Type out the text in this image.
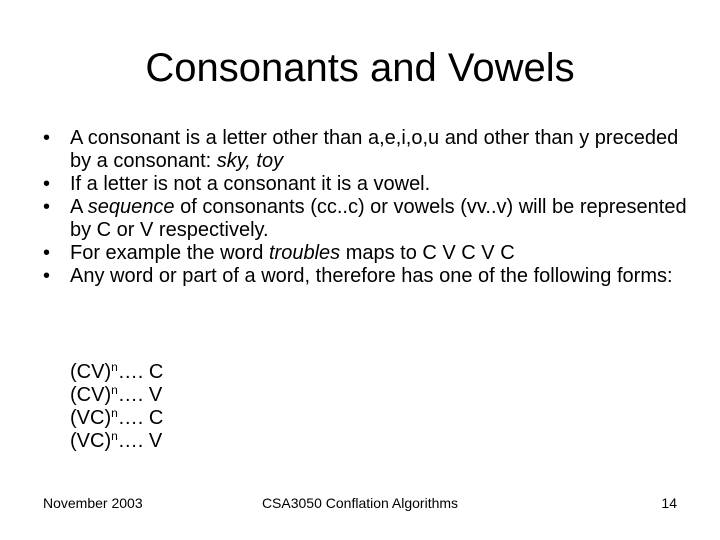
Consonants and Vowels
• A consonant is a letter other than a,e,i,o,u and other than y preceded by a consonant: sky, toy
• If a letter is not a consonant it is a vowel.
• A sequence of consonants (cc..c) or vowels (vv..v) will be represented by C or V respectively.
• For example the word troubles maps to C V C V C
• Any word or part of a word, therefore has one of the following forms:
(CV)$^n$…. C
(CV)$^n$…. V
(VC)$^n$…. C
(VC)$^n$…. V
November 2003	CSA3050 Conflation Algorithms	14
